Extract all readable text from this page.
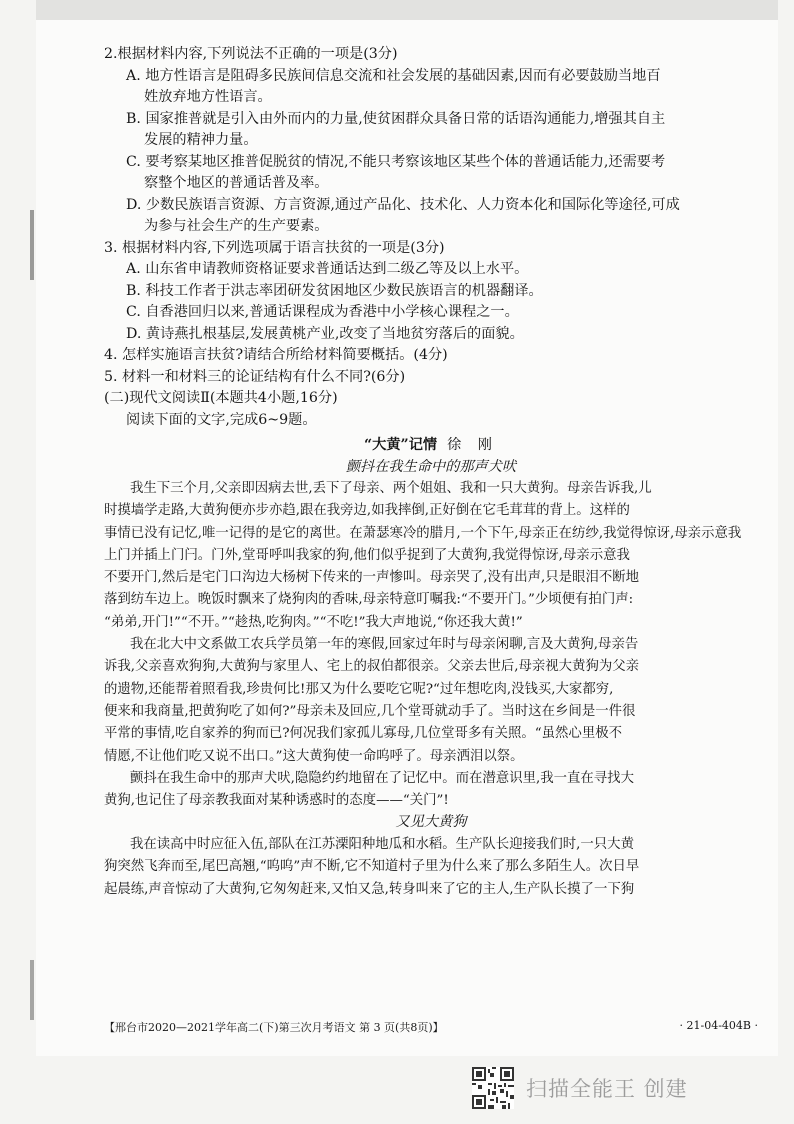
2.根据材料内容,下列说法不正确的一项是(3分)
A. 地方性语言是阻碍多民族间信息交流和社会发展的基础因素,因而有必要鼓励当地百
姓放弃地方性语言。
B. 国家推普就是引入由外而内的力量,使贫困群众具备日常的话语沟通能力,增强其自主
发展的精神力量。
C. 要考察某地区推普促脱贫的情况,不能只考察该地区某些个体的普通话能力,还需要考
察整个地区的普通话普及率。
D. 少数民族语言资源、方言资源,通过产品化、技术化、人力资本化和国际化等途径,可成
为参与社会生产的生产要素。
3. 根据材料内容,下列选项属于语言扶贫的一项是(3分)
A. 山东省申请教师资格证要求普通话达到二级乙等及以上水平。
B. 科技工作者于洪志率团研发贫困地区少数民族语言的机器翻译。
C. 自香港回归以来,普通话课程成为香港中小学核心课程之一。
D. 黄诗燕扎根基层,发展黄桃产业,改变了当地贫穷落后的面貌。
4. 怎样实施语言扶贫?请结合所给材料简要概括。(4分)
5. 材料一和材料三的论证结构有什么不同?(6分)
(二)现代文阅读Ⅱ(本题共4小题,16分)
阅读下面的文字,完成6~9题。
“大黄”记情 徐 刚
颤抖在我生命中的那声犬吠
我生下三个月,父亲即因病去世,丢下了母亲、两个姐姐、我和一只大黄狗。母亲告诉我,儿
时摸墙学走路,大黄狗便亦步亦趋,跟在我旁边,如我摔倒,正好倒在它毛茸茸的背上。这样的
事情已没有记忆,唯一记得的是它的离世。在萧瑟寒冷的腊月,一个下午,母亲正在纺纱,我觉得惊讶,母亲示意我
上门并插上门闩。门外,堂哥呼叫我家的狗,他们似乎捉到了大黄狗,我觉得惊讶,母亲示意我
不要开门,然后是宅门口沟边大杨树下传来的一声惨叫。母亲哭了,没有出声,只是眼泪不断地
落到纺车边上。晚饭时飘来了烧狗肉的香味,母亲特意叮嘱我:“不要开门。”少顷便有拍门声:
“弟弟,开门!”“不开。”“趁热,吃狗肉。”“不吃!”我大声地说,“你还我大黄!”
我在北大中文系做工农兵学员第一年的寒假,回家过年时与母亲闲聊,言及大黄狗,母亲告
诉我,父亲喜欢狗狗,大黄狗与家里人、宅上的叔伯都很亲。父亲去世后,母亲视大黄狗为父亲
的遗物,还能帮着照看我,珍贵何比!那又为什么要吃它呢?“过年想吃肉,没钱买,大家都穷,
便来和我商量,把黄狗吃了如何?”母亲未及回应,几个堂哥就动手了。当时这在乡间是一件很
平常的事情,吃自家养的狗而已?何况我们家孤儿寡母,几位堂哥多有关照。“虽然心里极不
情愿,不让他们吃又说不出口。”这大黄狗使一命呜呼了。母亲洒泪以祭。
颤抖在我生命中的那声犬吠,隐隐约约地留在了记忆中。而在潜意识里,我一直在寻找大
黄狗,也记住了母亲教我面对某种诱惑时的态度——“关门”!
又见大黄狗
我在读高中时应征入伍,部队在江苏溧阳种地瓜和水稻。生产队长迎接我们时,一只大黄
狗突然飞奔而至,尾巴高翘,“呜呜”声不断,它不知道村子里为什么来了那么多陌生人。次日早
起晨练,声音惊动了大黄狗,它匆匆赶来,又怕又急,转身叫来了它的主人,生产队长摸了一下狗
【邢台市2020—2021学年高二(下)第三次月考语文 第 3 页(共8页)】	· 21-04-404B ·
扫描全能王 创建
